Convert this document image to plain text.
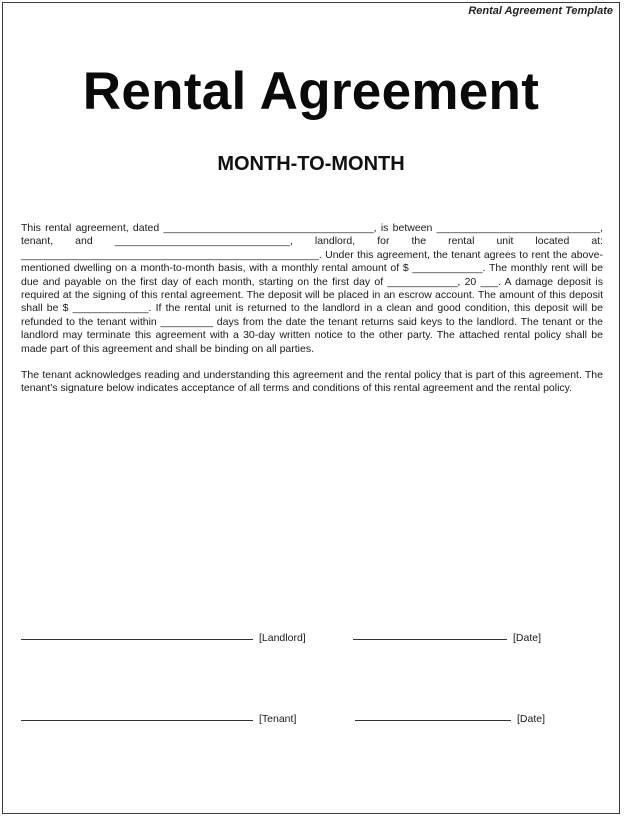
Rental Agreement Template
Rental Agreement
MONTH-TO-MONTH

This rental agreement, dated ____________________________________, is between ____________________________, tenant, and ______________________________, landlord, for the rental unit located at: ___________________________________________________. Under this agreement, the tenant agrees to rent the above-mentioned dwelling on a month-to-month basis, with a monthly rental amount of $ ____________. The monthly rent will be due and payable on the first day of each month, starting on the first day of ____________, 20 ___. A damage deposit is required at the signing of this rental agreement. The deposit will be placed in an escrow account. The amount of this deposit shall be $ _____________. If the rental unit is returned to the landlord in a clean and good condition, this deposit will be refunded to the tenant within _________ days from the date the tenant returns said keys to the landlord. The tenant or the landlord may terminate this agreement with a 30-day written notice to the other party. The attached rental policy shall be made part of this agreement and shall be binding on all parties.

The tenant acknowledges reading and understanding this agreement and the rental policy that is part of this agreement. The tenant's signature below indicates acceptance of all terms and conditions of this rental agreement and the rental policy.

[Landlord]	[Date]
[Tenant]	[Date]
